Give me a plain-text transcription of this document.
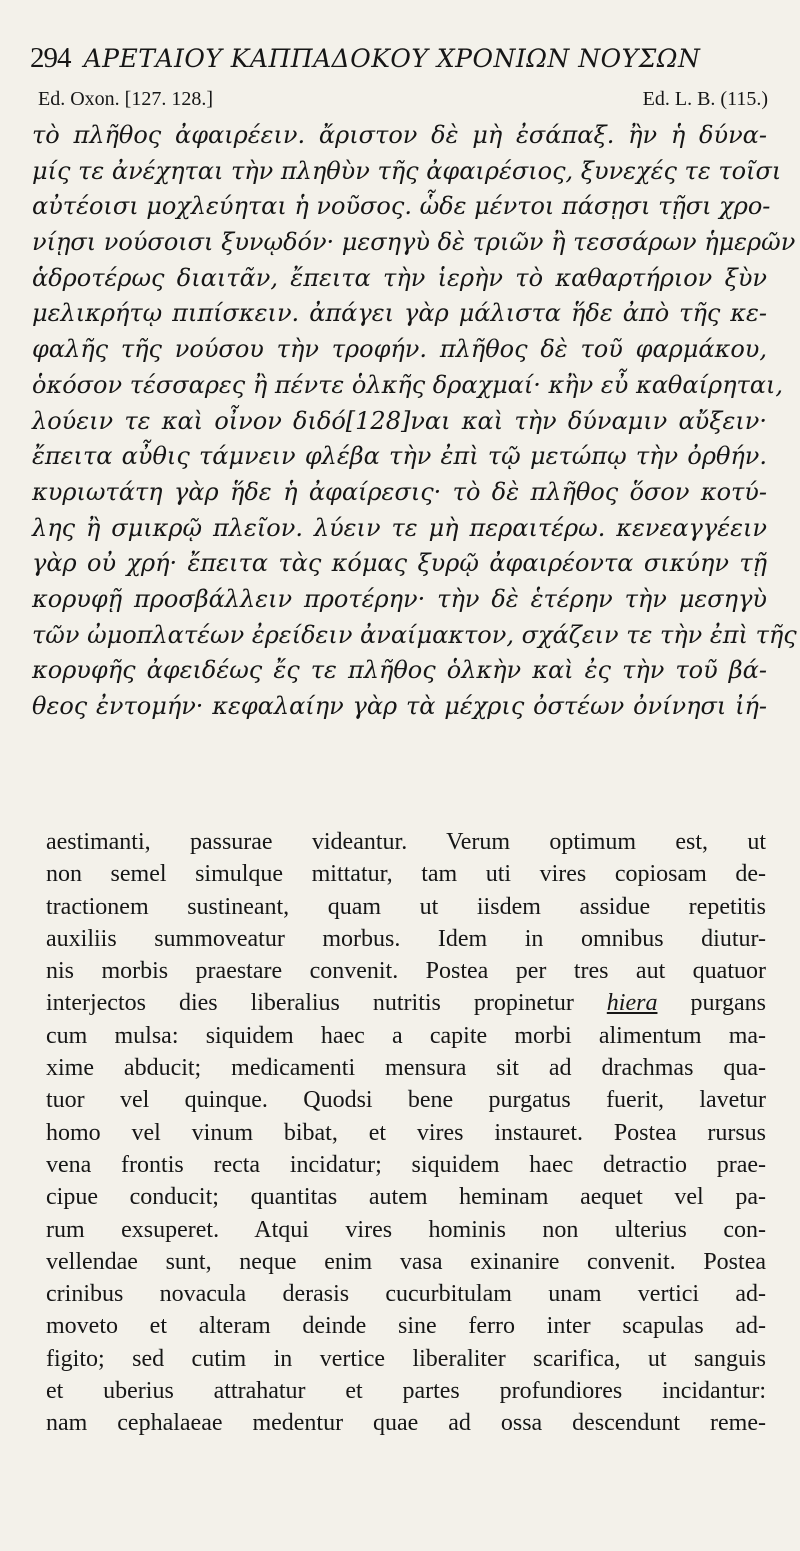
294 ΑΡΕΤΑΙΟΥ ΚΑΠΠΑΔΟΚΟΥ ΧΡΟΝΙΩΝ ΝΟΥΣΩΝ
Ed. Oxon. [127. 128.]	Ed. L. B. (115.)
τὸ πλῆθος ἀφαιρέειν. ἄριστον δὲ μὴ ἐσάπαξ. ἢν ἡ δύνα-
μίς τε ἀνέχηται τὴν πληθὺν τῆς ἀφαιρέσιος, ξυνεχές τε τοῖσι
αὐτέοισι μοχλεύηται ἡ νοῦσος. ὧδε μέντοι πάσῃσι τῇσι χρο-
νίῃσι νούσοισι ξυνῳδόν· μεσηγὺ δὲ τριῶν ἢ τεσσάρων ἡμερῶν
ἁδροτέρως διαιτᾶν, ἔπειτα τὴν ἱερὴν τὸ καθαρτήριον ξὺν
μελικρήτῳ πιπίσκειν. ἀπάγει γὰρ μάλιστα ἥδε ἀπὸ τῆς κε-
φαλῆς τῆς νούσου τὴν τροφήν. πλῆθος δὲ τοῦ φαρμάκου,
ὁκόσον τέσσαρες ἢ πέντε ὁλκῆς δραχμαί· κἢν εὖ καθαίρηται,
λούειν τε καὶ οἶνον διδό[128]ναι καὶ τὴν δύναμιν αὔξειν·
ἔπειτα αὖθις τάμνειν φλέβα τὴν ἐπὶ τῷ μετώπῳ τὴν ὀρθήν.
κυριωτάτη γὰρ ἥδε ἡ ἀφαίρεσις· τὸ δὲ πλῆθος ὅσον κοτύ-
λης ἢ σμικρῷ πλεῖον. λύειν τε μὴ περαιτέρω. κενεαγγέειν
γὰρ οὐ χρή· ἔπειτα τὰς κόμας ξυρῷ ἀφαιρέοντα σικύην τῇ
κορυφῇ προσβάλλειν προτέρην· τὴν δὲ ἑτέρην τὴν μεσηγὺ
τῶν ὠμοπλατέων ἐρείδειν ἀναίμακτον, σχάζειν τε τὴν ἐπὶ τῆς
κορυφῆς ἀφειδέως ἔς τε πλῆθος ὁλκὴν καὶ ἐς τὴν τοῦ βά-
θεος ἐντομήν· κεφαλαίην γὰρ τὰ μέχρις ὀστέων ὀνίνησι ἰή-
aestimanti, passurae videantur. Verum optimum est, ut
non semel simulque mittatur, tam uti vires copiosam de-
tractionem sustineant, quam ut iisdem assidue repetitis
auxiliis summoveatur morbus. Idem in omnibus diutur-
nis morbis praestare convenit. Postea per tres aut quatuor
interjectos dies liberalius nutritis propinetur hiera purgans
cum mulsa: siquidem haec a capite morbi alimentum ma-
xime abducit; medicamenti mensura sit ad drachmas qua-
tuor vel quinque. Quodsi bene purgatus fuerit, lavetur
homo vel vinum bibat, et vires instauret. Postea rursus
vena frontis recta incidatur; siquidem haec detractio prae-
cipue conducit; quantitas autem heminam aequet vel pa-
rum exsuperet. Atqui vires hominis non ulterius con-
vellendae sunt, neque enim vasa exinanire convenit. Postea
crinibus novacula derasis cucurbitulam unam vertici ad-
moveto et alteram deinde sine ferro inter scapulas ad-
figito; sed cutim in vertice liberaliter scarifica, ut sanguis
et uberius attrahatur et partes profundiores incidantur:
nam cephalaeae medentur quae ad ossa descendunt reme-
